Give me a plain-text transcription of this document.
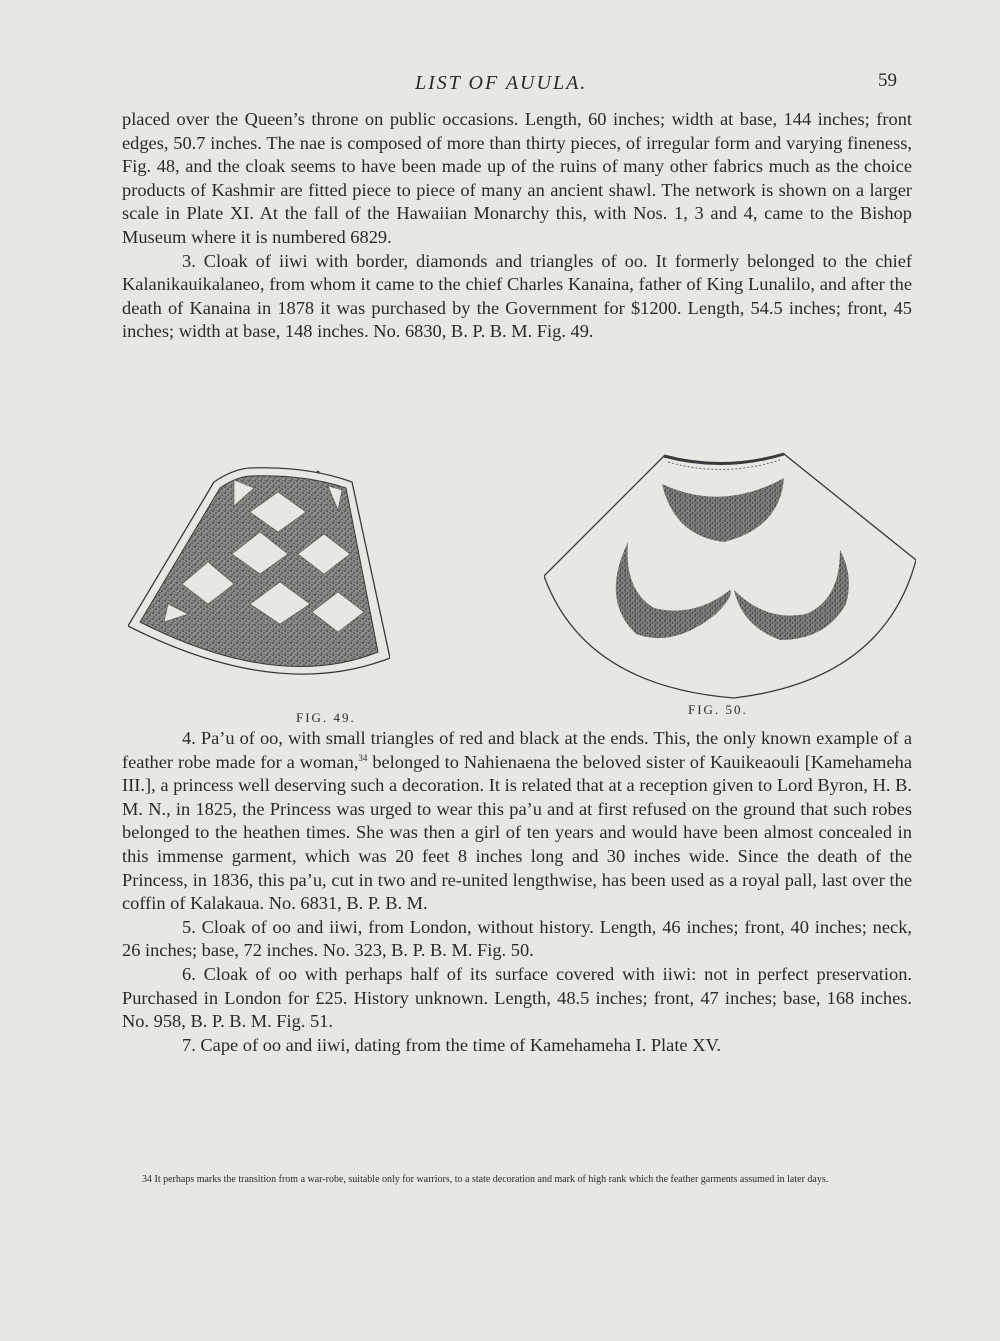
LIST OF AUULA.	59

placed over the Queen’s throne on public occasions. Length, 60 inches; width at base, 144 inches; front edges, 50.7 inches. The nae is composed of more than thirty pieces, of irregular form and varying fineness, Fig. 48, and the cloak seems to have been made up of the ruins of many other fabrics much as the choice products of Kashmir are fitted piece to piece of many an ancient shawl. The network is shown on a larger scale in Plate XI. At the fall of the Hawaiian Monarchy this, with Nos. 1, 3 and 4, came to the Bishop Museum where it is numbered 6829.

3. Cloak of iiwi with border, diamonds and triangles of oo. It formerly belonged to the chief Kalanikauikalaneo, from whom it came to the chief Charles Kanaina, father of King Lunalilo, and after the death of Kanaina in 1878 it was purchased by the Government for $1200. Length, 54.5 inches; front, 45 inches; width at base, 148 inches. No. 6830, B. P. B. M. Fig. 49.

FIG. 49.
FIG. 50.

4. Pa’u of oo, with small triangles of red and black at the ends. This, the only known example of a feather robe made for a woman,$^{34}$ belonged to Nahienaena the beloved sister of Kauikeaouli [Kamehameha III.], a princess well deserving such a decoration. It is related that at a reception given to Lord Byron, H. B. M. N., in 1825, the Princess was urged to wear this pa’u and at first refused on the ground that such robes belonged to the heathen times. She was then a girl of ten years and would have been almost concealed in this immense garment, which was 20 feet 8 inches long and 30 inches wide. Since the death of the Princess, in 1836, this pa’u, cut in two and re-united lengthwise, has been used as a royal pall, last over the coffin of Kalakaua. No. 6831, B. P. B. M.

5. Cloak of oo and iiwi, from London, without history. Length, 46 inches; front, 40 inches; neck, 26 inches; base, 72 inches. No. 323, B. P. B. M. Fig. 50.

6. Cloak of oo with perhaps half of its surface covered with iiwi: not in perfect preservation. Purchased in London for £25. History unknown. Length, 48.5 inches; front, 47 inches; base, 168 inches. No. 958, B. P. B. M. Fig. 51.

7. Cape of oo and iiwi, dating from the time of Kamehameha I. Plate XV.

34 It perhaps marks the transition from a war-robe, suitable only for warriors, to a state decoration and mark of high rank which the feather garments assumed in later days.
